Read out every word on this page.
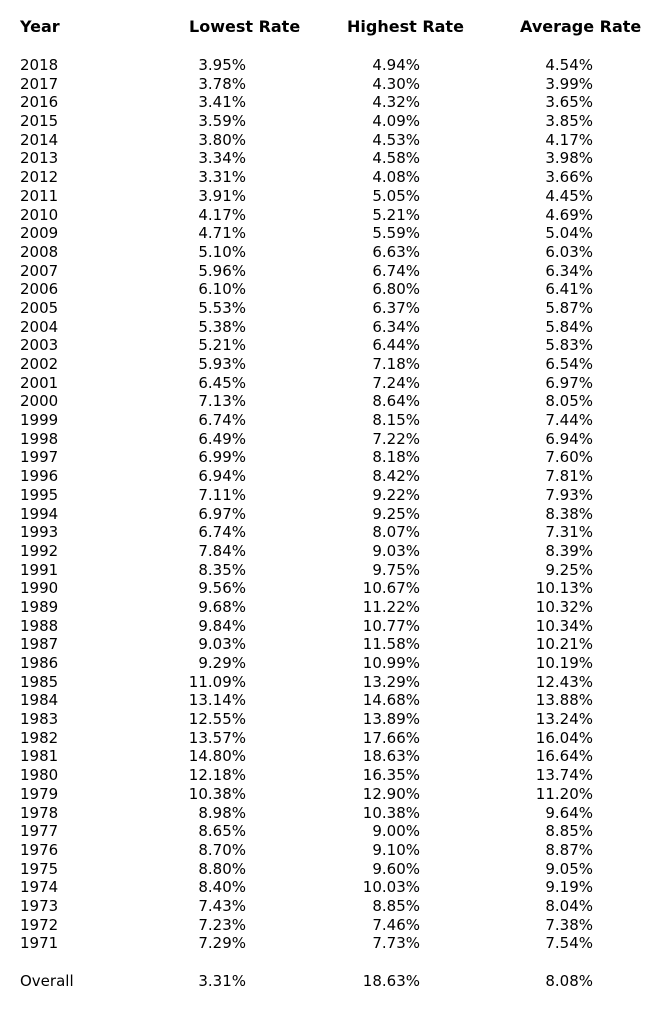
Year	Lowest Rate	Highest Rate	Average Rate
2018	3.95%	4.94%	4.54%
2017	3.78%	4.30%	3.99%
2016	3.41%	4.32%	3.65%
2015	3.59%	4.09%	3.85%
2014	3.80%	4.53%	4.17%
2013	3.34%	4.58%	3.98%
2012	3.31%	4.08%	3.66%
2011	3.91%	5.05%	4.45%
2010	4.17%	5.21%	4.69%
2009	4.71%	5.59%	5.04%
2008	5.10%	6.63%	6.03%
2007	5.96%	6.74%	6.34%
2006	6.10%	6.80%	6.41%
2005	5.53%	6.37%	5.87%
2004	5.38%	6.34%	5.84%
2003	5.21%	6.44%	5.83%
2002	5.93%	7.18%	6.54%
2001	6.45%	7.24%	6.97%
2000	7.13%	8.64%	8.05%
1999	6.74%	8.15%	7.44%
1998	6.49%	7.22%	6.94%
1997	6.99%	8.18%	7.60%
1996	6.94%	8.42%	7.81%
1995	7.11%	9.22%	7.93%
1994	6.97%	9.25%	8.38%
1993	6.74%	8.07%	7.31%
1992	7.84%	9.03%	8.39%
1991	8.35%	9.75%	9.25%
1990	9.56%	10.67%	10.13%
1989	9.68%	11.22%	10.32%
1988	9.84%	10.77%	10.34%
1987	9.03%	11.58%	10.21%
1986	9.29%	10.99%	10.19%
1985	11.09%	13.29%	12.43%
1984	13.14%	14.68%	13.88%
1983	12.55%	13.89%	13.24%
1982	13.57%	17.66%	16.04%
1981	14.80%	18.63%	16.64%
1980	12.18%	16.35%	13.74%
1979	10.38%	12.90%	11.20%
1978	8.98%	10.38%	9.64%
1977	8.65%	9.00%	8.85%
1976	8.70%	9.10%	8.87%
1975	8.80%	9.60%	9.05%
1974	8.40%	10.03%	9.19%
1973	7.43%	8.85%	8.04%
1972	7.23%	7.46%	7.38%
1971	7.29%	7.73%	7.54%
Overall	3.31%	18.63%	8.08%
